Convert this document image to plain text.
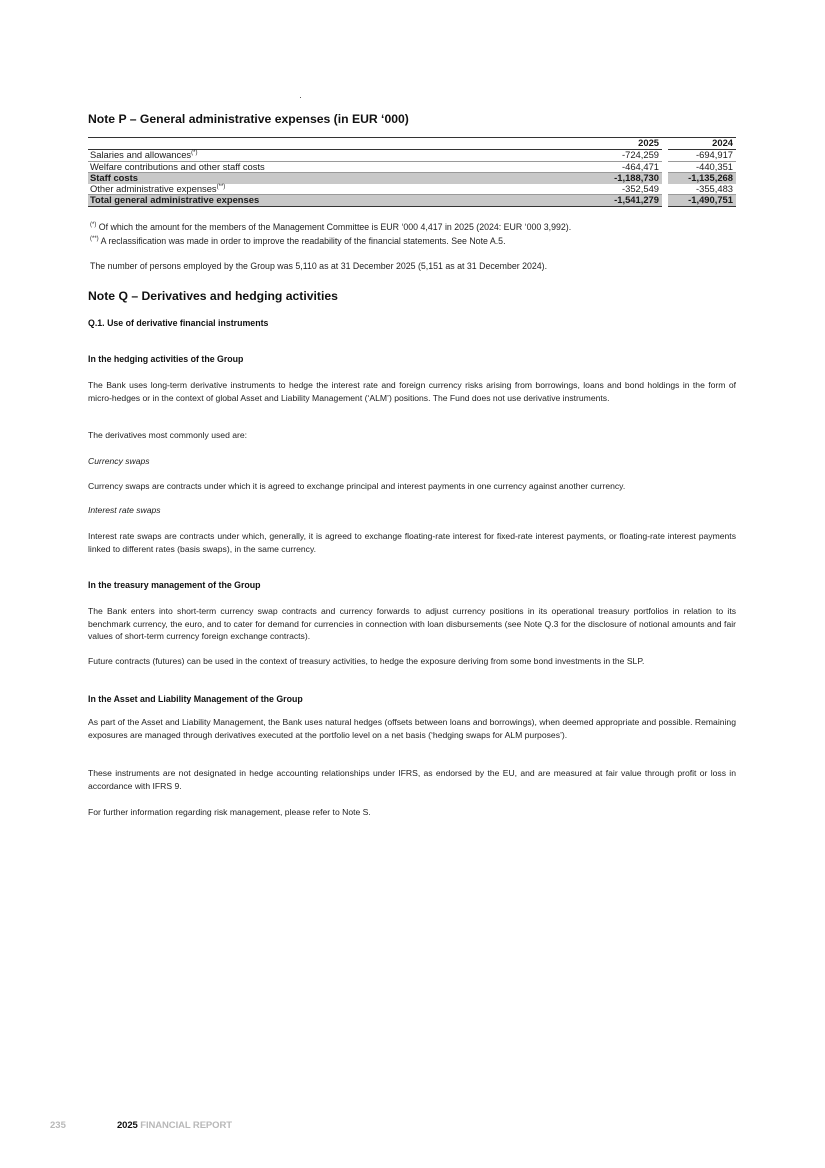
Note P – General administrative expenses (in EUR ‘000)
	2025		2024
Salaries and allowances(*)	-724,259		-694,917
Welfare contributions and other staff costs	-464,471		-440,351
Staff costs	-1,188,730		-1,135,268
Other administrative expenses(**)	-352,549		-355,483
Total general administrative expenses	-1,541,279		-1,490,751
(*) Of which the amount for the members of the Management Committee is EUR ‘000 4,417 in 2025 (2024: EUR ‘000 3,992).
(**) A reclassification was made in order to improve the readability of the financial statements. See Note A.5.
The number of persons employed by the Group was 5,110 as at 31 December 2025 (5,151 as at 31 December 2024).
Note Q – Derivatives and hedging activities
Q.1. Use of derivative financial instruments
In the hedging activities of the Group
The Bank uses long-term derivative instruments to hedge the interest rate and foreign currency risks arising from borrowings, loans and bond holdings in the form of micro-hedges or in the context of global Asset and Liability Management (‘ALM’) positions. The Fund does not use derivative instruments.
The derivatives most commonly used are:
Currency swaps
Currency swaps are contracts under which it is agreed to exchange principal and interest payments in one currency against another currency.
Interest rate swaps
Interest rate swaps are contracts under which, generally, it is agreed to exchange floating-rate interest for fixed-rate interest payments, or floating-rate interest payments linked to different rates (basis swaps), in the same currency.
In the treasury management of the Group
The Bank enters into short-term currency swap contracts and currency forwards to adjust currency positions in its operational treasury portfolios in relation to its benchmark currency, the euro, and to cater for demand for currencies in connection with loan disbursements (see Note Q.3 for the disclosure of notional amounts and fair values of short-term currency foreign exchange contracts).
Future contracts (futures) can be used in the context of treasury activities, to hedge the exposure deriving from some bond investments in the SLP.
In the Asset and Liability Management of the Group
As part of the Asset and Liability Management, the Bank uses natural hedges (offsets between loans and borrowings), when deemed appropriate and possible. Remaining exposures are managed through derivatives executed at the portfolio level on a net basis (‘hedging swaps for ALM purposes’).
These instruments are not designated in hedge accounting relationships under IFRS, as endorsed by the EU, and are measured at fair value through profit or loss in accordance with IFRS 9.
For further information regarding risk management, please refer to Note S.
235	2025 FINANCIAL REPORT
